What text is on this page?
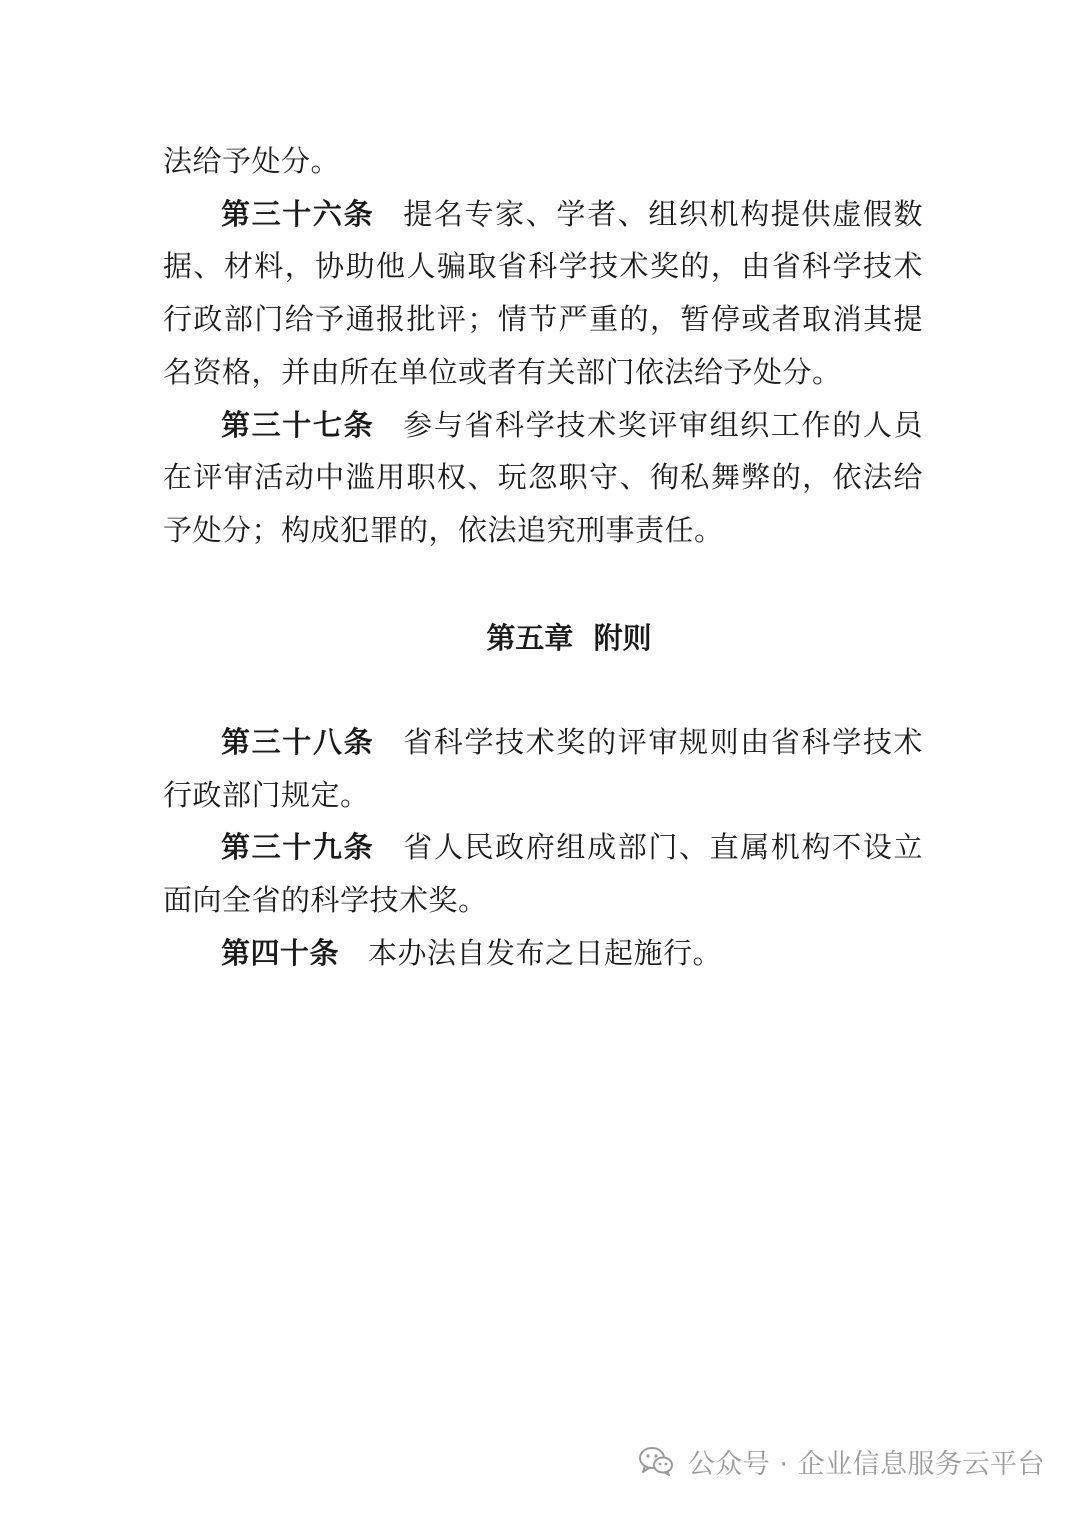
法给予处分。

第三十六条 提名专家、学者、组织机构提供虚假数据、材料，协助他人骗取省科学技术奖的，由省科学技术行政部门给予通报批评；情节严重的，暂停或者取消其提名资格，并由所在单位或者有关部门依法给予处分。

第三十七条 参与省科学技术奖评审组织工作的人员在评审活动中滥用职权、玩忽职守、徇私舞弊的，依法给予处分；构成犯罪的，依法追究刑事责任。

第五章  附则

第三十八条 省科学技术奖的评审规则由省科学技术行政部门规定。

第三十九条 省人民政府组成部门、直属机构不设立面向全省的科学技术奖。

第四十条 本办法自发布之日起施行。

公众号 · 企业信息服务云平台
